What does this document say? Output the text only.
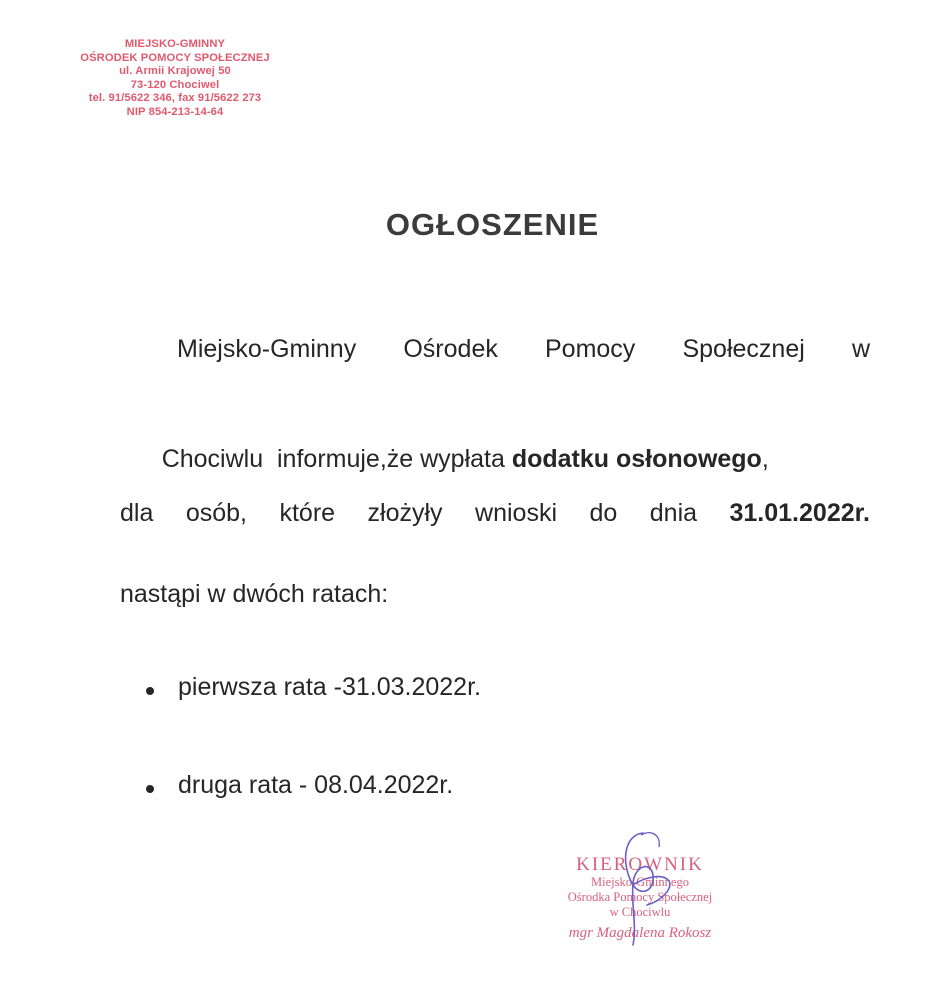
MIEJSKO-GMINNY
OŚRODEK POMOCY SPOŁECZNEJ
ul. Armii Krajowej 50
73-120 Chociwel
tel. 91/5622 346, fax 91/5622 273
NIP 854-213-14-64
OGŁOSZENIE
Miejsko-Gminny Ośrodek Pomocy Społecznej w

Chociwlu  informuje,że wypłata dodatku osłonowego,

dla osób, które złożyły wnioski do dnia 31.01.2022r.
nastąpi w dwóch ratach:
pierwsza rata -31.03.2022r.
druga rata - 08.04.2022r.
KIEROWNIK
Miejsko-Gminnego
Ośrodka Pomocy Społecznej
w Chociwlu
mgr Magdalena Rokosz
